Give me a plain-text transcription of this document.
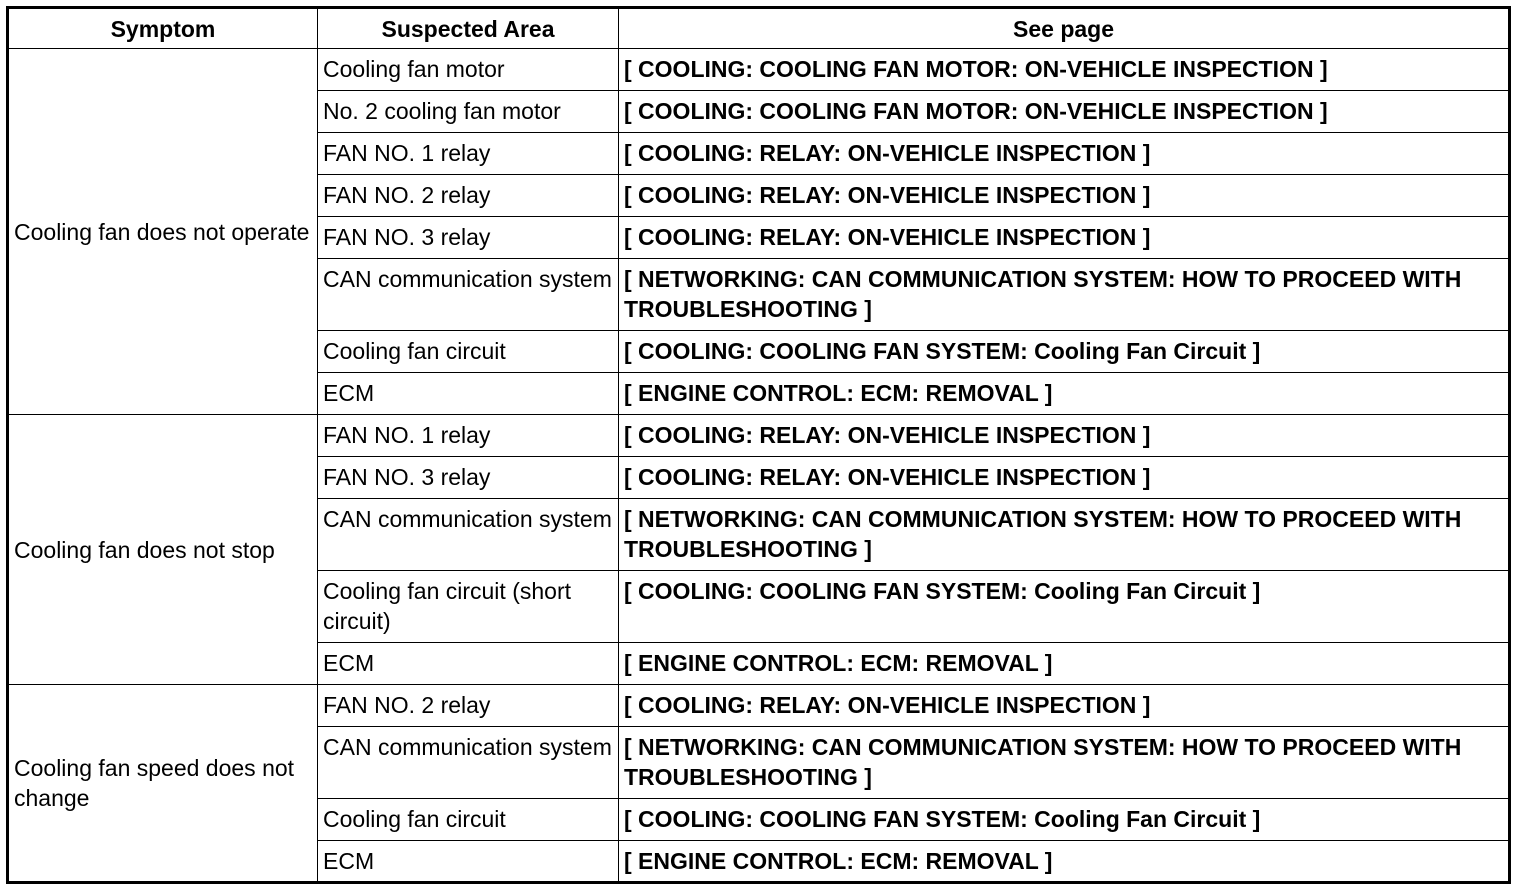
Symptom	Suspected Area	See page
Cooling fan does not operate	Cooling fan motor	[ COOLING: COOLING FAN MOTOR: ON-VEHICLE INSPECTION ]
	No. 2 cooling fan motor	[ COOLING: COOLING FAN MOTOR: ON-VEHICLE INSPECTION ]
	FAN NO. 1 relay	[ COOLING: RELAY: ON-VEHICLE INSPECTION ]
	FAN NO. 2 relay	[ COOLING: RELAY: ON-VEHICLE INSPECTION ]
	FAN NO. 3 relay	[ COOLING: RELAY: ON-VEHICLE INSPECTION ]
	CAN communication system	[ NETWORKING: CAN COMMUNICATION SYSTEM: HOW TO PROCEED WITH TROUBLESHOOTING ]
	Cooling fan circuit	[ COOLING: COOLING FAN SYSTEM: Cooling Fan Circuit ]
	ECM	[ ENGINE CONTROL: ECM: REMOVAL ]
Cooling fan does not stop	FAN NO. 1 relay	[ COOLING: RELAY: ON-VEHICLE INSPECTION ]
	FAN NO. 3 relay	[ COOLING: RELAY: ON-VEHICLE INSPECTION ]
	CAN communication system	[ NETWORKING: CAN COMMUNICATION SYSTEM: HOW TO PROCEED WITH TROUBLESHOOTING ]
	Cooling fan circuit (short circuit)	[ COOLING: COOLING FAN SYSTEM: Cooling Fan Circuit ]
	ECM	[ ENGINE CONTROL: ECM: REMOVAL ]
Cooling fan speed does not change	FAN NO. 2 relay	[ COOLING: RELAY: ON-VEHICLE INSPECTION ]
	CAN communication system	[ NETWORKING: CAN COMMUNICATION SYSTEM: HOW TO PROCEED WITH TROUBLESHOOTING ]
	Cooling fan circuit	[ COOLING: COOLING FAN SYSTEM: Cooling Fan Circuit ]
	ECM	[ ENGINE CONTROL: ECM: REMOVAL ]
